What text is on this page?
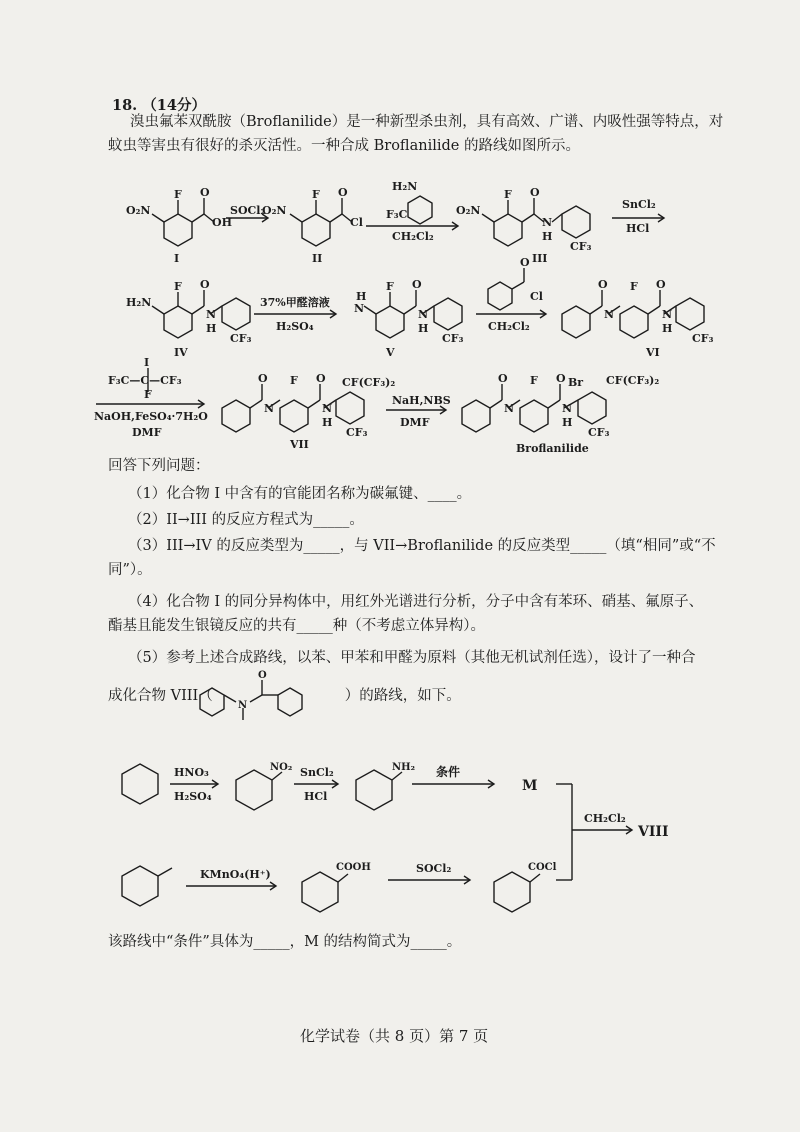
18. （14分）
溴虫氟苯双酰胺（Broflanilide）是一种新型杀虫剂，具有高效、广谱、内吸性强等特点，对
蚊虫等害虫有很好的杀灭活性。一种合成 Broflanilide 的路线如图所示。
O₂N
F O
OH
I
SOCl₂
O₂N
F O
Cl
II
H₂N
F₃C
CH₂Cl₂
O₂N
F O
N
H
CF₃
III
SnCl₂
HCl
H₂N
F O
N
H
CF₃
IV
37%甲醛溶液
H₂SO₄
H
N
F O
N
H
CF₃
V
O
Cl
CH₂Cl₂
O
N
F O
N
H
CF₃
VI
I
F₃C—C—CF₃
F
NaOH,FeSO₄·7H₂O
DMF
O
N
F O
N
H
CF(CF₃)₂
CF₃
VII
NaH,NBS
DMF
O
N
F O
N
H
Br CF(CF₃)₂
CF₃
Broflanilide
O
N
HNO₃
H₂SO₄
NO₂ SnCl₂
HCl
NH₂ 条件
M
KMnO₄(H⁺)
COOH	SOCl₂	COCl
CH₂Cl₂
VIII
回答下列问题：
（1）化合物 I 中含有的官能团名称为碳氟键、____。
（2）II→III 的反应方程式为_____。
（3）III→IV 的反应类型为_____，与 VII→Broflanilide 的反应类型_____（填“相同”或“不
同”）。
（4）化合物 I 的同分异构体中，用红外光谱进行分析，分子中含有苯环、硝基、氟原子、
酯基且能发生银镜反应的共有_____种（不考虑立体异构）。
（5）参考上述合成路线，以苯、甲苯和甲醛为原料（其他无机试剂任选），设计了一种合
成化合物 VIII（	）的路线，如下。
该路线中“条件”具体为_____，M 的结构简式为_____。
化学试卷（共 8 页）第 7 页
